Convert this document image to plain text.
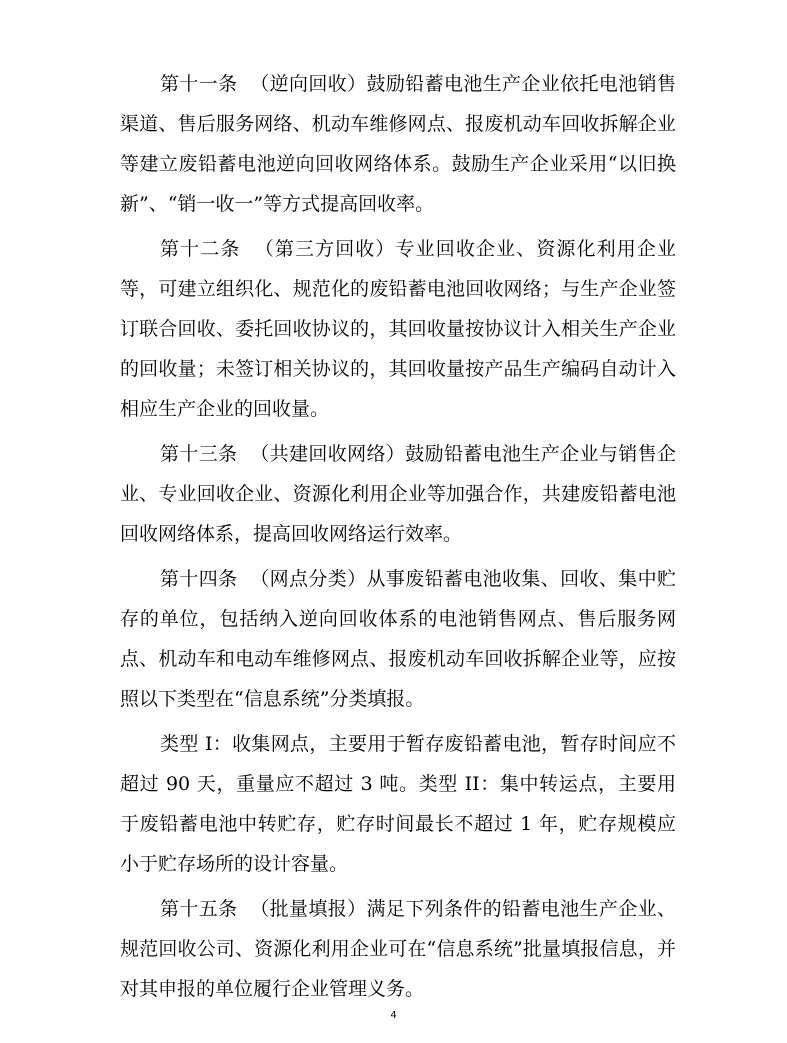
第十一条  （逆向回收）鼓励铅蓄电池生产企业依托电池销售渠道、售后服务网络、机动车维修网点、报废机动车回收拆解企业等建立废铅蓄电池逆向回收网络体系。鼓励生产企业采用“以旧换新”、“销一收一”等方式提高回收率。

第十二条  （第三方回收）专业回收企业、资源化利用企业等，可建立组织化、规范化的废铅蓄电池回收网络；与生产企业签订联合回收、委托回收协议的，其回收量按协议计入相关生产企业的回收量；未签订相关协议的，其回收量按产品生产编码自动计入相应生产企业的回收量。

第十三条  （共建回收网络）鼓励铅蓄电池生产企业与销售企业、专业回收企业、资源化利用企业等加强合作，共建废铅蓄电池回收网络体系，提高回收网络运行效率。

第十四条  （网点分类）从事废铅蓄电池收集、回收、集中贮存的单位，包括纳入逆向回收体系的电池销售网点、售后服务网点、机动车和电动车维修网点、报废机动车回收拆解企业等，应按照以下类型在“信息系统”分类填报。

类型 I：收集网点，主要用于暂存废铅蓄电池，暂存时间应不超过 90 天，重量应不超过 3 吨。类型 II：集中转运点，主要用于废铅蓄电池中转贮存，贮存时间最长不超过 1 年，贮存规模应小于贮存场所的设计容量。

第十五条  （批量填报）满足下列条件的铅蓄电池生产企业、规范回收公司、资源化利用企业可在“信息系统”批量填报信息，并对其申报的单位履行企业管理义务。

4
